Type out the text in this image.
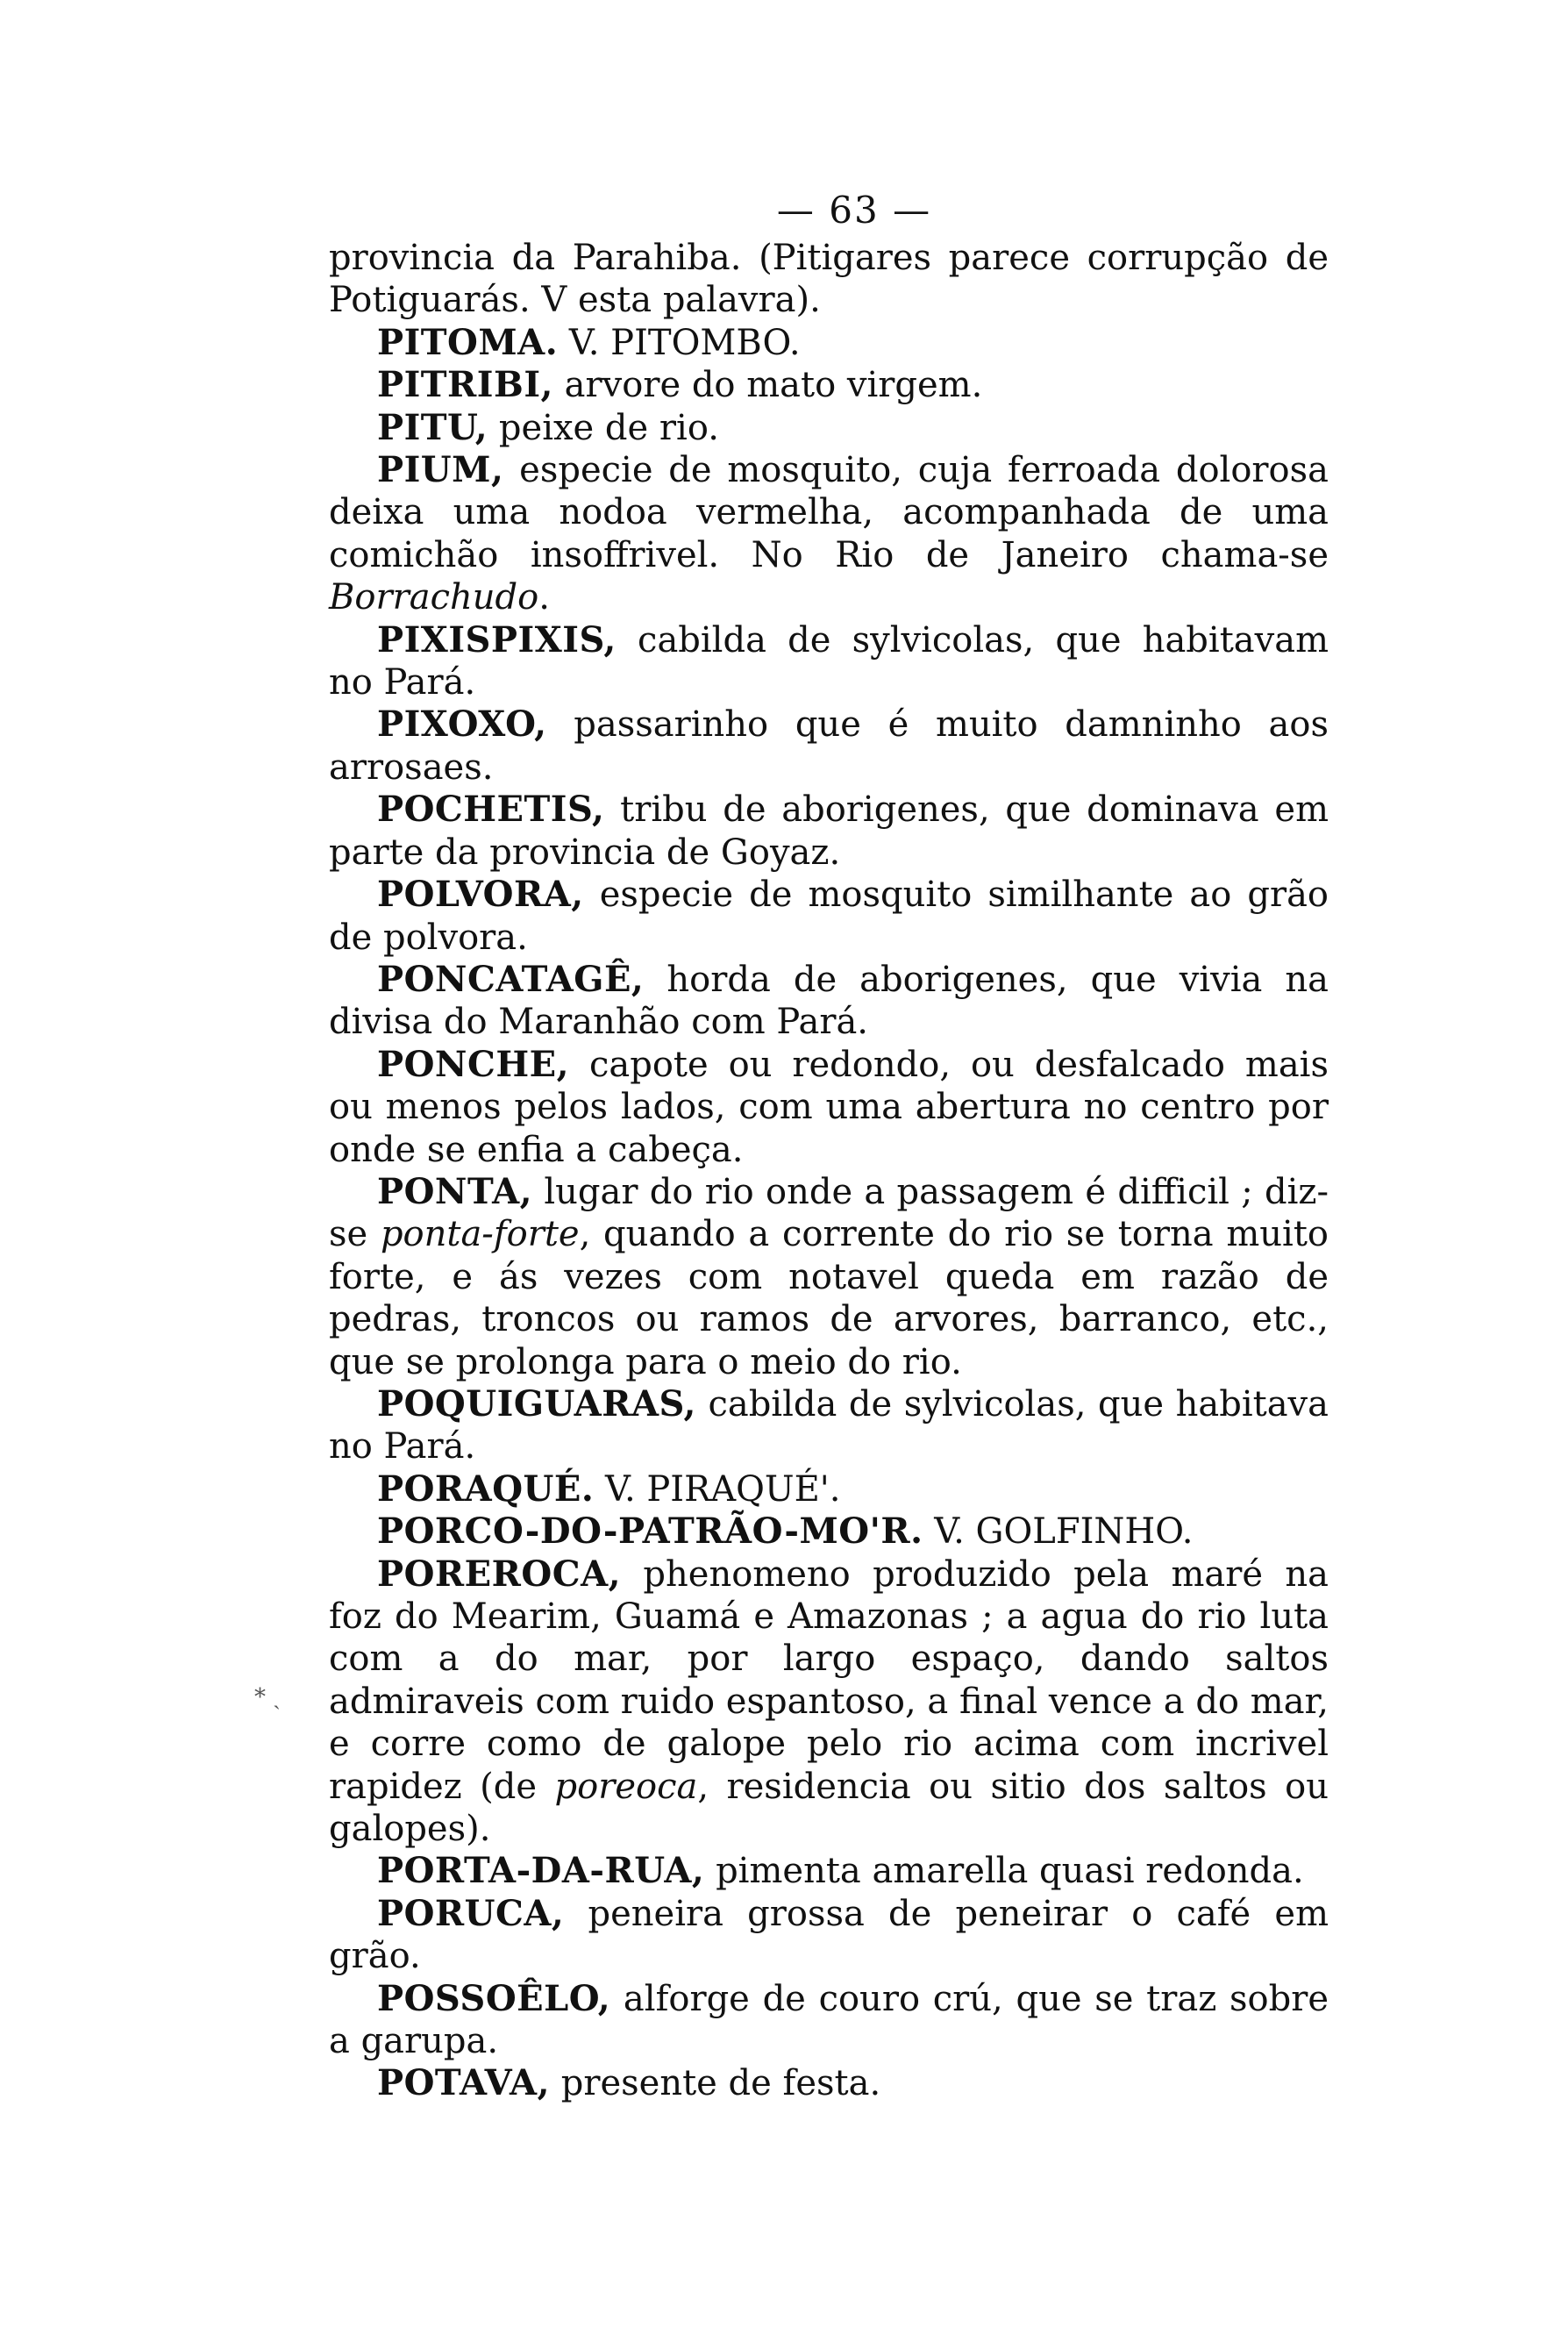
— 63 —
* ˎ

provincia da Parahiba. (Pitigares parece corrupção de Potiguarás. V esta palavra).

PITOMA. V. PITOMBO.

PITRIBI, arvore do mato virgem.

PITU, peixe de rio.

PIUM, especie de mosquito, cuja ferroada dolorosa deixa uma nodoa vermelha, acompanhada de uma comichão insoffrivel. No Rio de Janeiro chama-se Borrachudo.

PIXISPIXIS, cabilda de sylvicolas, que habitavam no Pará.

PIXOXO, passarinho que é muito damninho aos arrosaes.

POCHETIS, tribu de aborigenes, que dominava em parte da provincia de Goyaz.

POLVORA, especie de mosquito similhante ao grão de polvora.

PONCATAGÊ, horda de aborigenes, que vivia na divisa do Maranhão com Pará.

PONCHE, capote ou redondo, ou desfalcado mais ou menos pelos lados, com uma abertura no centro por onde se enfia a cabeça.

PONTA, lugar do rio onde a passagem é difficil ; diz-se ponta-forte, quando a corrente do rio se torna muito forte, e ás vezes com notavel queda em razão de pedras, troncos ou ramos de arvores, barranco, etc., que se prolonga para o meio do rio.

POQUIGUARAS, cabilda de sylvicolas, que habitava no Pará.

PORAQUÉ. V. PIRAQUÉ'.

PORCO-DO-PATRÃO-MO'R. V. GOLFINHO.

POREROCA, phenomeno produzido pela maré na foz do Mearim, Guamá e Amazonas ; a agua do rio luta com a do mar, por largo espaço, dando saltos admiraveis com ruido espantoso, a final vence a do mar, e corre como de galope pelo rio acima com incrivel rapidez (de poreoca, residencia ou sitio dos saltos ou galopes).

PORTA-DA-RUA, pimenta amarella quasi redonda.

PORUCA, peneira grossa de peneirar o café em grão.

POSSOÊLO, alforge de couro crú, que se traz sobre a garupa.

POTAVA, presente de festa.
